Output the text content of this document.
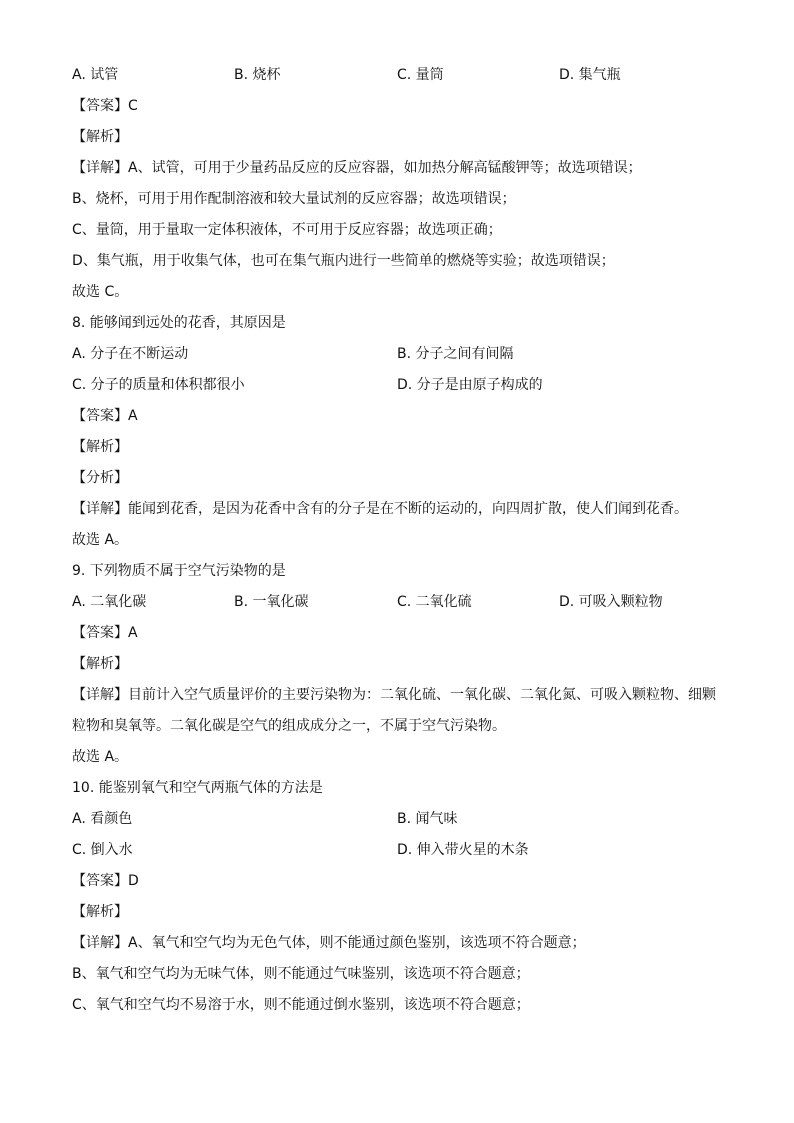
A. 试管	B. 烧杯	C. 量筒	D. 集气瓶
【答案】C
【解析】
【详解】A、试管，可用于少量药品反应的反应容器，如加热分解高锰酸钾等；故选项错误；
B、烧杯，可用于用作配制溶液和较大量试剂的反应容器；故选项错误；
C、量筒，用于量取一定体积液体，不可用于反应容器；故选项正确；
D、集气瓶，用于收集气体，也可在集气瓶内进行一些简单的燃烧等实验；故选项错误；
故选 C。
8. 能够闻到远处的花香，其原因是
A. 分子在不断运动	B. 分子之间有间隔
C. 分子的质量和体积都很小	D. 分子是由原子构成的
【答案】A
【解析】
【分析】
【详解】能闻到花香，是因为花香中含有的分子是在不断的运动的，向四周扩散，使人们闻到花香。
故选 A。
9. 下列物质不属于空气污染物的是
A. 二氧化碳	B. 一氧化碳	C. 二氧化硫	D. 可吸入颗粒物
【答案】A
【解析】
【详解】目前计入空气质量评价的主要污染物为：二氧化硫、一氧化碳、二氧化氮、可吸入颗粒物、细颗
粒物和臭氧等。二氧化碳是空气的组成成分之一，不属于空气污染物。
故选 A。
10. 能鉴别氧气和空气两瓶气体的方法是
A. 看颜色	B. 闻气味
C. 倒入水	D. 伸入带火星的木条
【答案】D
【解析】
【详解】A、氧气和空气均为无色气体，则不能通过颜色鉴别，该选项不符合题意；
B、氧气和空气均为无味气体，则不能通过气味鉴别，该选项不符合题意；
C、氧气和空气均不易溶于水，则不能通过倒水鉴别，该选项不符合题意；
